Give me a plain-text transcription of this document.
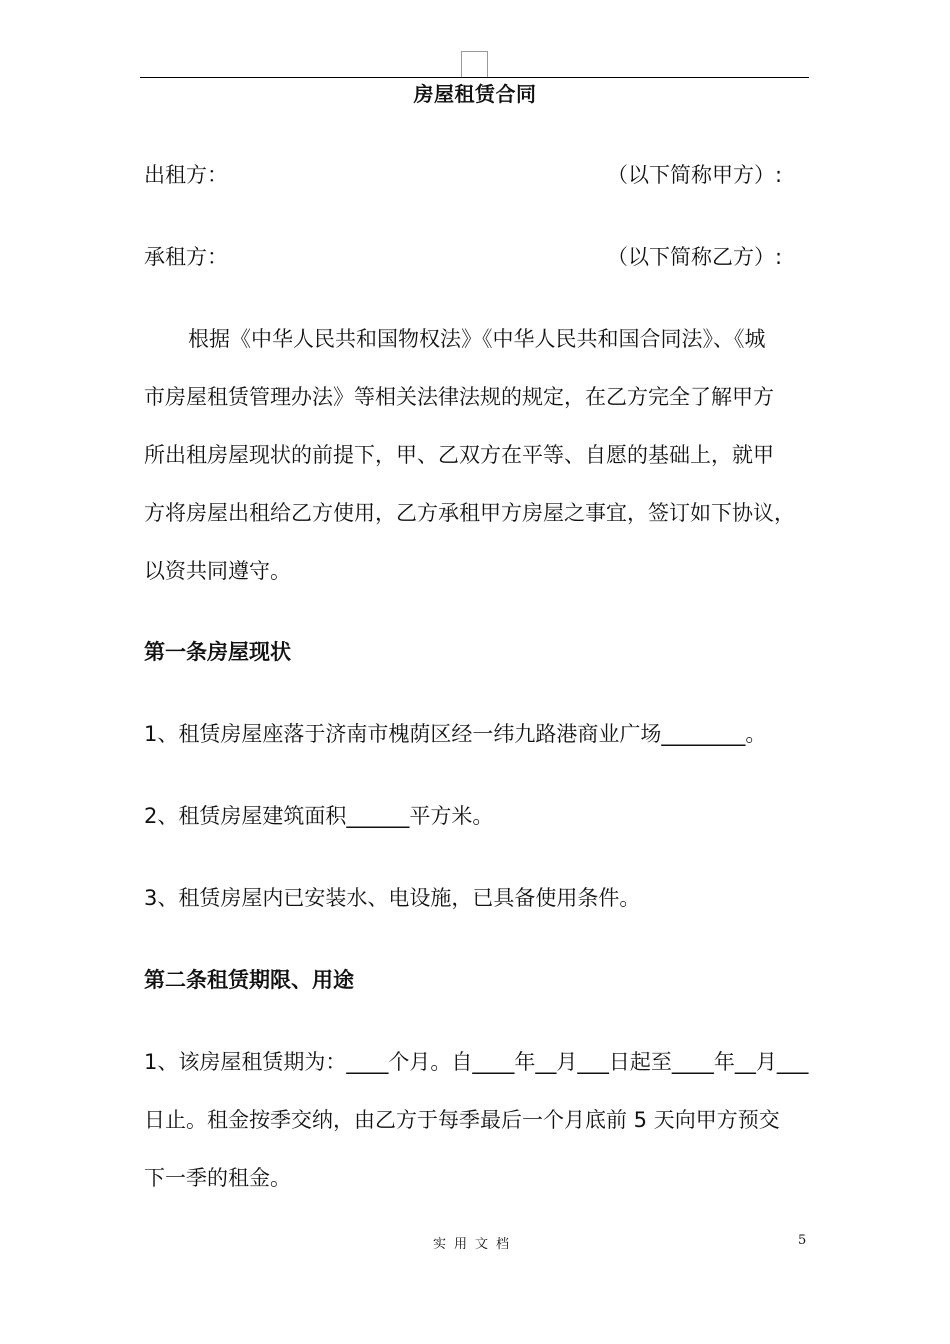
房屋租赁合同
出租方：	（以下简称甲方）:
承租方：	（以下简称乙方）:
根据《中华人民共和国物权法》《中华人民共和国合同法》、《城
市房屋租赁管理办法》等相关法律法规的规定，在乙方完全了解甲方
所出租房屋现状的前提下，甲、乙双方在平等、自愿的基础上，就甲
方将房屋出租给乙方使用，乙方承租甲方房屋之事宜，签订如下协议，
以资共同遵守。
第一条房屋现状
1、租赁房屋座落于济南市槐荫区经一纬九路港商业广场________。
2、租赁房屋建筑面积______平方米。
3、租赁房屋内已安装水、电设施，已具备使用条件。
第二条租赁期限、用途
1、该房屋租赁期为：____个月。自____年__月___日起至____年__月___
日止。租金按季交纳，由乙方于每季最后一个月底前 5 天向甲方预交
下一季的租金。
实用文档	5
